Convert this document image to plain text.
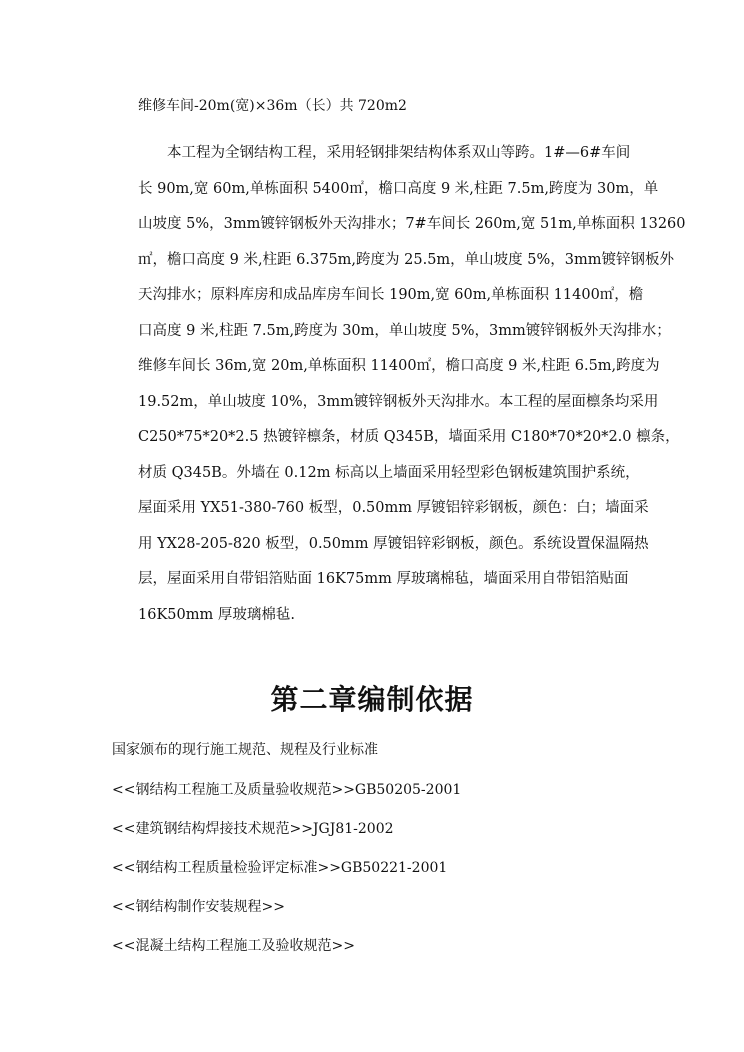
维修车间-20m(宽)×36m（长）共 720m2
　　本工程为全钢结构工程，采用轻钢排架结构体系双山等跨。1#—6#车间
长 90m,宽 60m,单栋面积 5400㎡，檐口高度 9 米,柱距 7.5m,跨度为 30m，单
山坡度 5%，3mm镀锌钢板外天沟排水；7#车间长 260m,宽 51m,单栋面积 13260
㎡，檐口高度 9 米,柱距 6.375m,跨度为 25.5m，单山坡度 5%，3mm镀锌钢板外
天沟排水；原料库房和成品库房车间长 190m,宽 60m,单栋面积 11400㎡，檐
口高度 9 米,柱距 7.5m,跨度为 30m，单山坡度 5%，3mm镀锌钢板外天沟排水；
维修车间长 36m,宽 20m,单栋面积 11400㎡，檐口高度 9 米,柱距 6.5m,跨度为
19.52m，单山坡度 10%，3mm镀锌钢板外天沟排水。本工程的屋面檩条均采用
C250*75*20*2.5 热镀锌檩条，材质 Q345B，墙面采用 C180*70*20*2.0 檩条，
材质 Q345B。外墙在 0.12m 标高以上墙面采用轻型彩色钢板建筑围护系统，
屋面采用 YX51-380-760 板型，0.50mm 厚镀铝锌彩钢板，颜色：白；墙面采
用 YX28-205-820 板型，0.50mm 厚镀铝锌彩钢板，颜色。系统设置保温隔热
层，屋面采用自带铝箔贴面 16K75mm 厚玻璃棉毡，墙面采用自带铝箔贴面
16K50mm 厚玻璃棉毡.
第二章编制依据
国家颁布的现行施工规范、规程及行业标准
<<钢结构工程施工及质量验收规范>>GB50205-2001
<<建筑钢结构焊接技术规范>>JGJ81-2002
<<钢结构工程质量检验评定标准>>GB50221-2001
<<钢结构制作安装规程>>
<<混凝土结构工程施工及验收规范>>
